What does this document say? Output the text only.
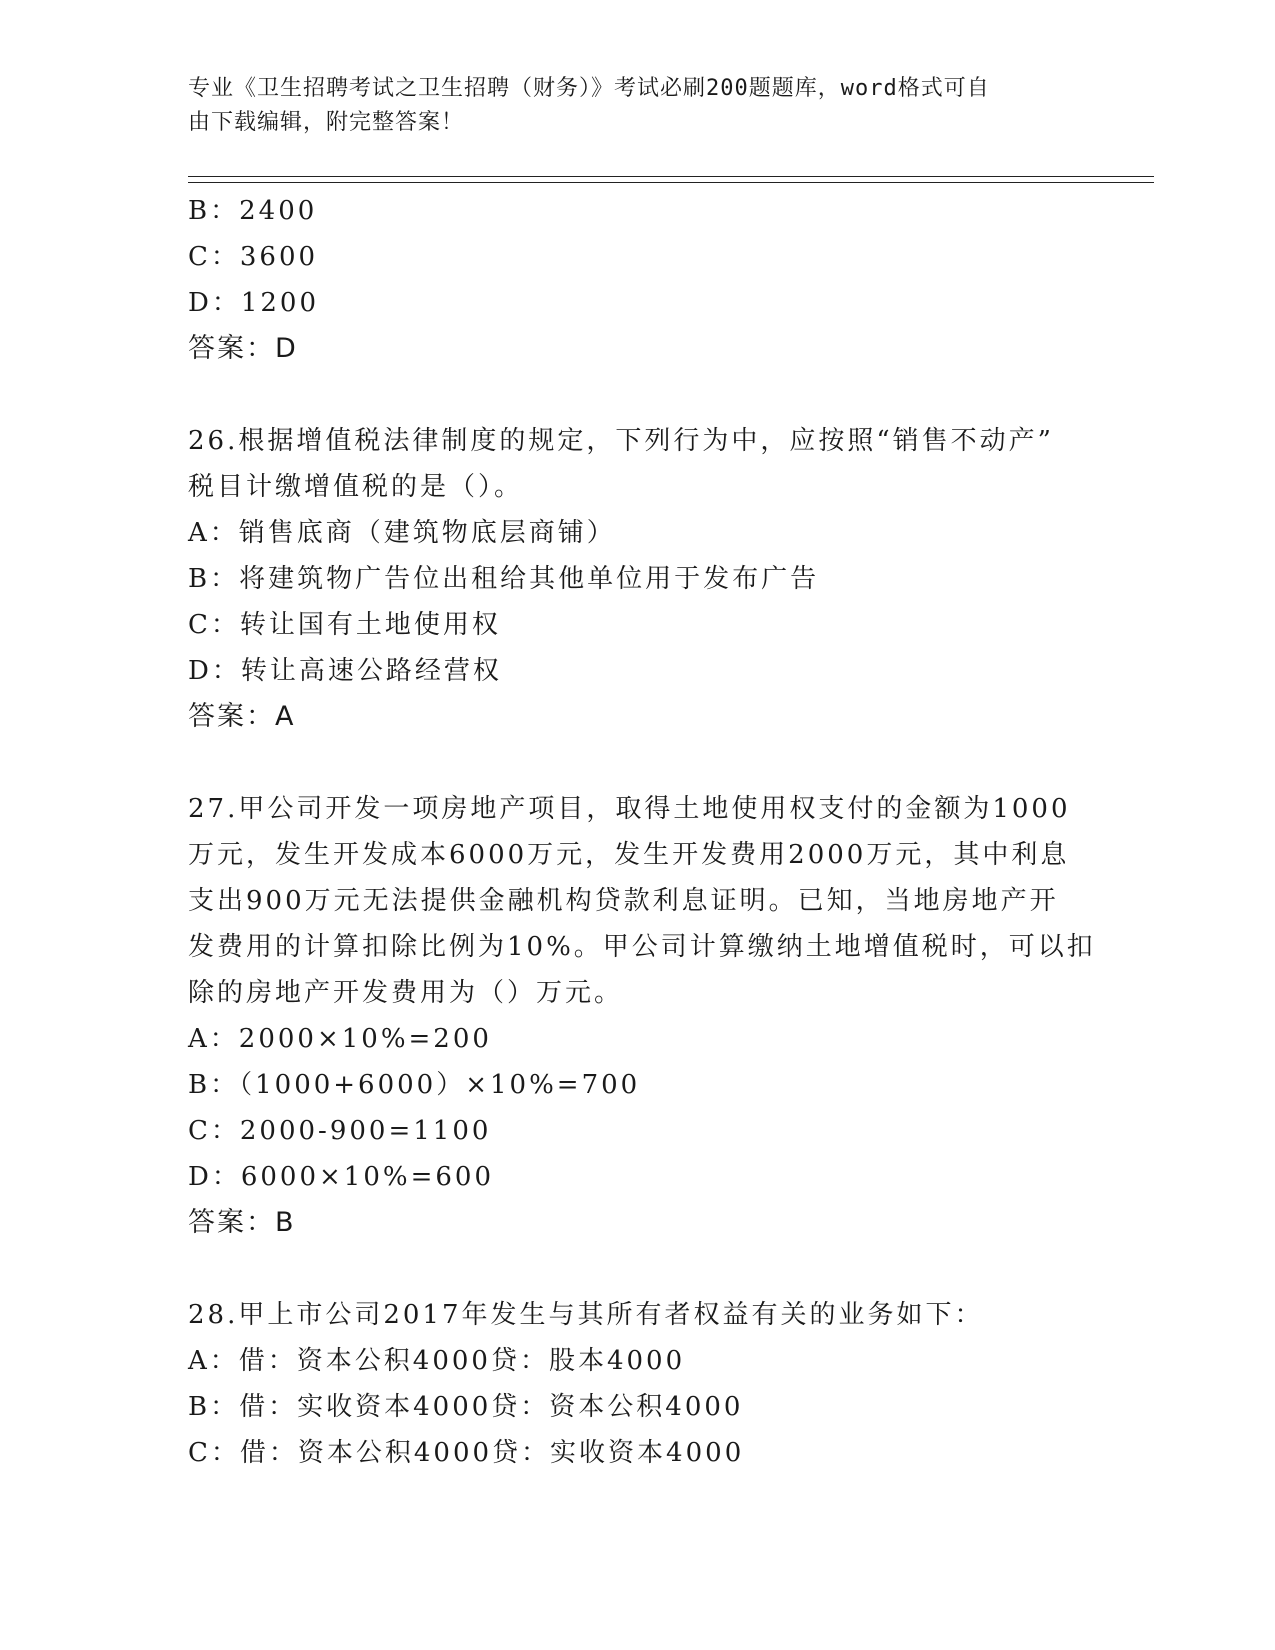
专业《卫生招聘考试之卫生招聘（财务）》考试必刷200题题库，word格式可自
由下载编辑，附完整答案！
B：2400
C：3600
D：1200
答案：D
26.根据增值税法律制度的规定，下列行为中，应按照“销售不动产”
税目计缴增值税的是（）。
A：销售底商（建筑物底层商铺）
B：将建筑物广告位出租给其他单位用于发布广告
C：转让国有土地使用权
D：转让高速公路经营权
答案：A
27.甲公司开发一项房地产项目，取得土地使用权支付的金额为1000
万元，发生开发成本6000万元，发生开发费用2000万元，其中利息
支出900万元无法提供金融机构贷款利息证明。已知，当地房地产开
发费用的计算扣除比例为10%。甲公司计算缴纳土地增值税时，可以扣
除的房地产开发费用为（）万元。
A：2000×10%=200
B：（1000+6000）×10%=700
C：2000-900=1100
D：6000×10%=600
答案：B
28.甲上市公司2017年发生与其所有者权益有关的业务如下：
A：借：资本公积4000贷：股本4000
B：借：实收资本4000贷：资本公积4000
C：借：资本公积4000贷：实收资本4000
